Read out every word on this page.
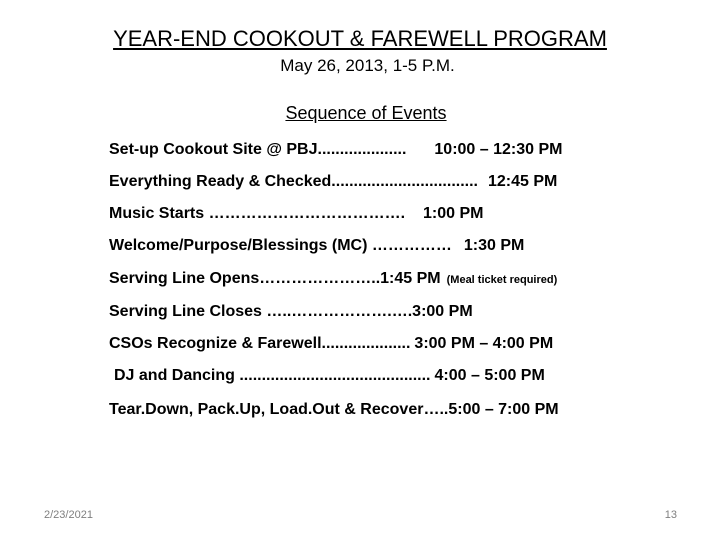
YEAR-END COOKOUT & FAREWELL PROGRAM
May 26, 2013, 1-5 P.M.
Sequence of Events
Set-up Cookout Site @ PBJ.................... 10:00 – 12:30 PM
Everything Ready & Checked................................. 12:45 PM
Music Starts ………………………………. 1:00 PM
Welcome/Purpose/Blessings (MC) …………… 1:30 PM
Serving Line Opens…………………..1:45 PM (Meal ticket required)
Serving Line Closes …..……………….….3:00 PM
CSOs Recognize & Farewell.................... 3:00 PM – 4:00 PM
DJ and Dancing ........................................... 4:00 – 5:00 PM
Tear.Down, Pack.Up, Load.Out & Recover…..5:00 – 7:00 PM
2/23/2021	13
